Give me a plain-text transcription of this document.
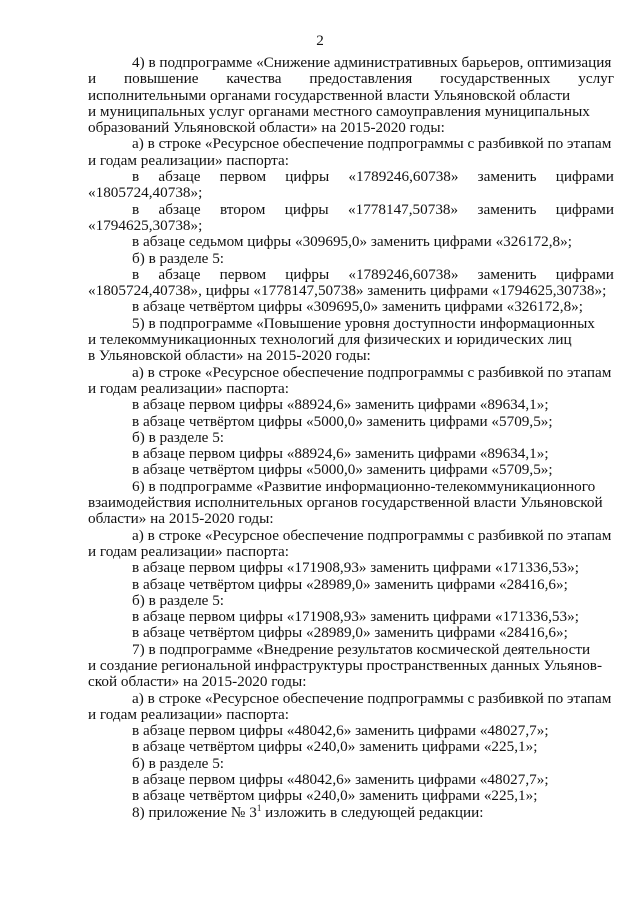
2
4) в подпрограмме «Снижение административных барьеров, оптимизация
и повышение качества предоставления государственных услуг
исполнительными органами государственной власти Ульяновской области
и муниципальных услуг органами местного самоуправления муниципальных
образований Ульяновской области» на 2015-2020 годы:
а) в строке «Ресурсное обеспечение подпрограммы с разбивкой по этапам
и годам реализации» паспорта:
в абзаце первом цифры «1789246,60738» заменить цифрами
«1805724,40738»;
в абзаце втором цифры «1778147,50738» заменить цифрами
«1794625,30738»;
в абзаце седьмом цифры «309695,0» заменить цифрами «326172,8»;
б) в разделе 5:
в абзаце первом цифры «1789246,60738» заменить цифрами
«1805724,40738», цифры «1778147,50738» заменить цифрами «1794625,30738»;
в абзаце четвёртом цифры «309695,0» заменить цифрами «326172,8»;
5) в подпрограмме «Повышение уровня доступности информационных
и телекоммуникационных технологий для физических и юридических лиц
в Ульяновской области» на 2015-2020 годы:
а) в строке «Ресурсное обеспечение подпрограммы с разбивкой по этапам
и годам реализации» паспорта:
в абзаце первом цифры «88924,6» заменить цифрами «89634,1»;
в абзаце четвёртом цифры «5000,0» заменить цифрами «5709,5»;
б) в разделе 5:
в абзаце первом цифры «88924,6» заменить цифрами «89634,1»;
в абзаце четвёртом цифры «5000,0» заменить цифрами «5709,5»;
6) в подпрограмме «Развитие информационно-телекоммуникационного
взаимодействия исполнительных органов государственной власти Ульяновской
области» на 2015-2020 годы:
а) в строке «Ресурсное обеспечение подпрограммы с разбивкой по этапам
и годам реализации» паспорта:
в абзаце первом цифры «171908,93» заменить цифрами «171336,53»;
в абзаце четвёртом цифры «28989,0» заменить цифрами «28416,6»;
б) в разделе 5:
в абзаце первом цифры «171908,93» заменить цифрами «171336,53»;
в абзаце четвёртом цифры «28989,0» заменить цифрами «28416,6»;
7) в подпрограмме «Внедрение результатов космической деятельности
и создание региональной инфраструктуры пространственных данных Ульянов-
ской области» на 2015-2020 годы:
а) в строке «Ресурсное обеспечение подпрограммы с разбивкой по этапам
и годам реализации» паспорта:
в абзаце первом цифры «48042,6» заменить цифрами «48027,7»;
в абзаце четвёртом цифры «240,0» заменить цифрами «225,1»;
б) в разделе 5:
в абзаце первом цифры «48042,6» заменить цифрами «48027,7»;
в абзаце четвёртом цифры «240,0» заменить цифрами «225,1»;
8) приложение № $3^1$ изложить в следующей редакции:
